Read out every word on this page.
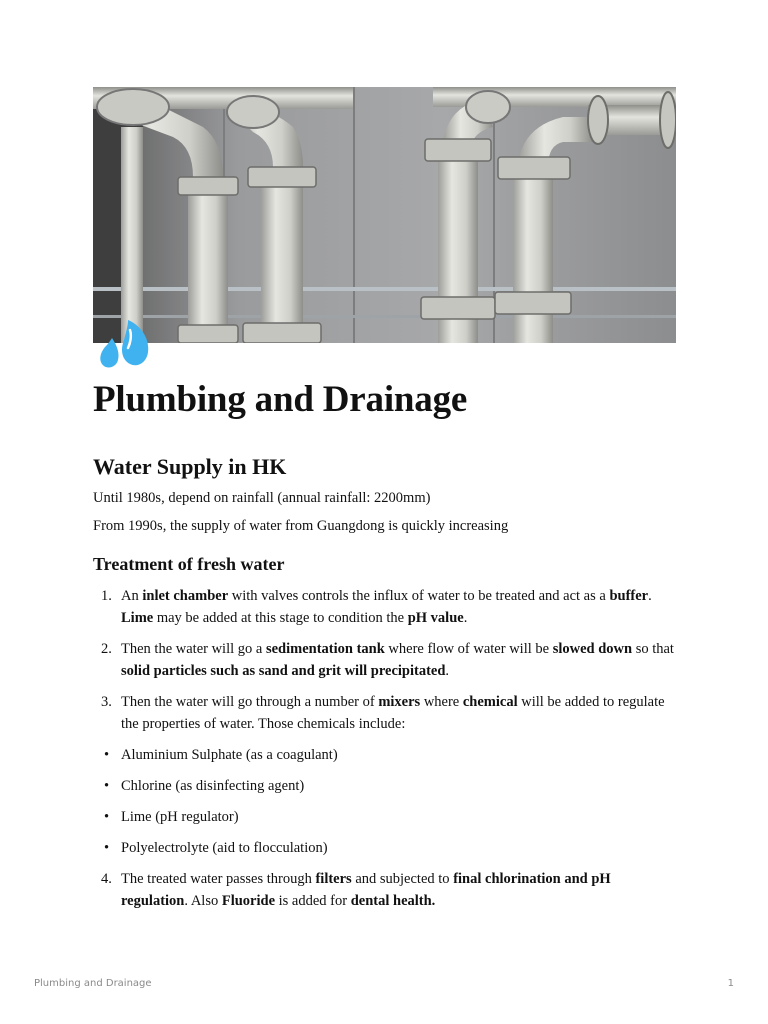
Plumbing and Drainage
Water Supply in HK

Until 1980s, depend on rainfall (annual rainfall: 2200mm)

From 1990s, the supply of water from Guangdong is quickly increasing

Treatment of fresh water
1. An inlet chamber with valves controls the influx of water to be treated and act as a buffer. Lime may be added at this stage to condition the pH value.
2. Then the water will go a sedimentation tank where flow of water will be slowed down so that solid particles such as sand and grit will precipitated.
3. Then the water will go through a number of mixers where chemical will be added to regulate the properties of water. Those chemicals include:
• Aluminium Sulphate (as a coagulant)
• Chlorine (as disinfecting agent)
• Lime (pH regulator)
• Polyelectrolyte (aid to flocculation)
4. The treated water passes through filters and subjected to final chlorination and pH regulation. Also Fluoride is added for dental health.
Plumbing and Drainage	1
